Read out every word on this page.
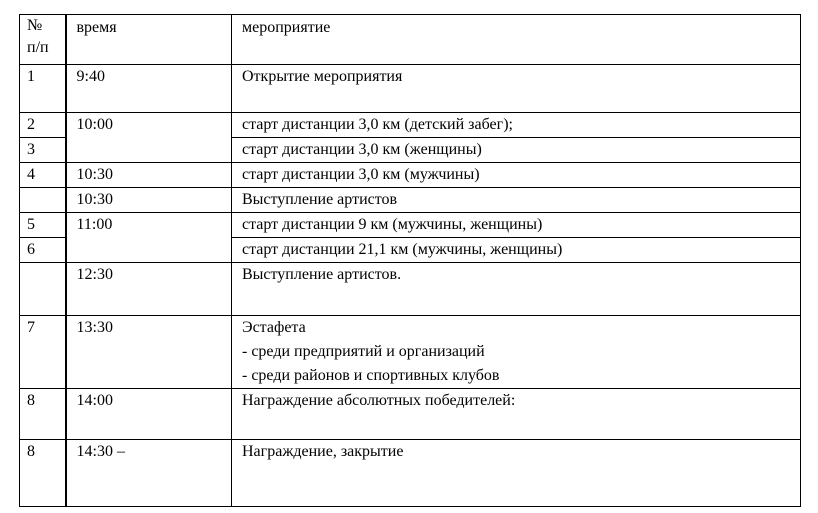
№
п/п	время	мероприятие
1	9:40	Открытие мероприятия
2	10:00	старт дистанции 3,0 км (детский забег);
3		старт дистанции 3,0 км (женщины)
4	10:30	старт дистанции 3,0 км (мужчины)
	10:30	Выступление артистов
5	11:00	старт дистанции 9 км (мужчины, женщины)
6		старт дистанции 21,1 км (мужчины, женщины)
	12:30	Выступление артистов.
7	13:30	Эстафета
- среди предприятий и организаций
- среди районов и спортивных клубов

8	14:00	Награждение абсолютных победителей:
8	14:30 –	Награждение, закрытие
